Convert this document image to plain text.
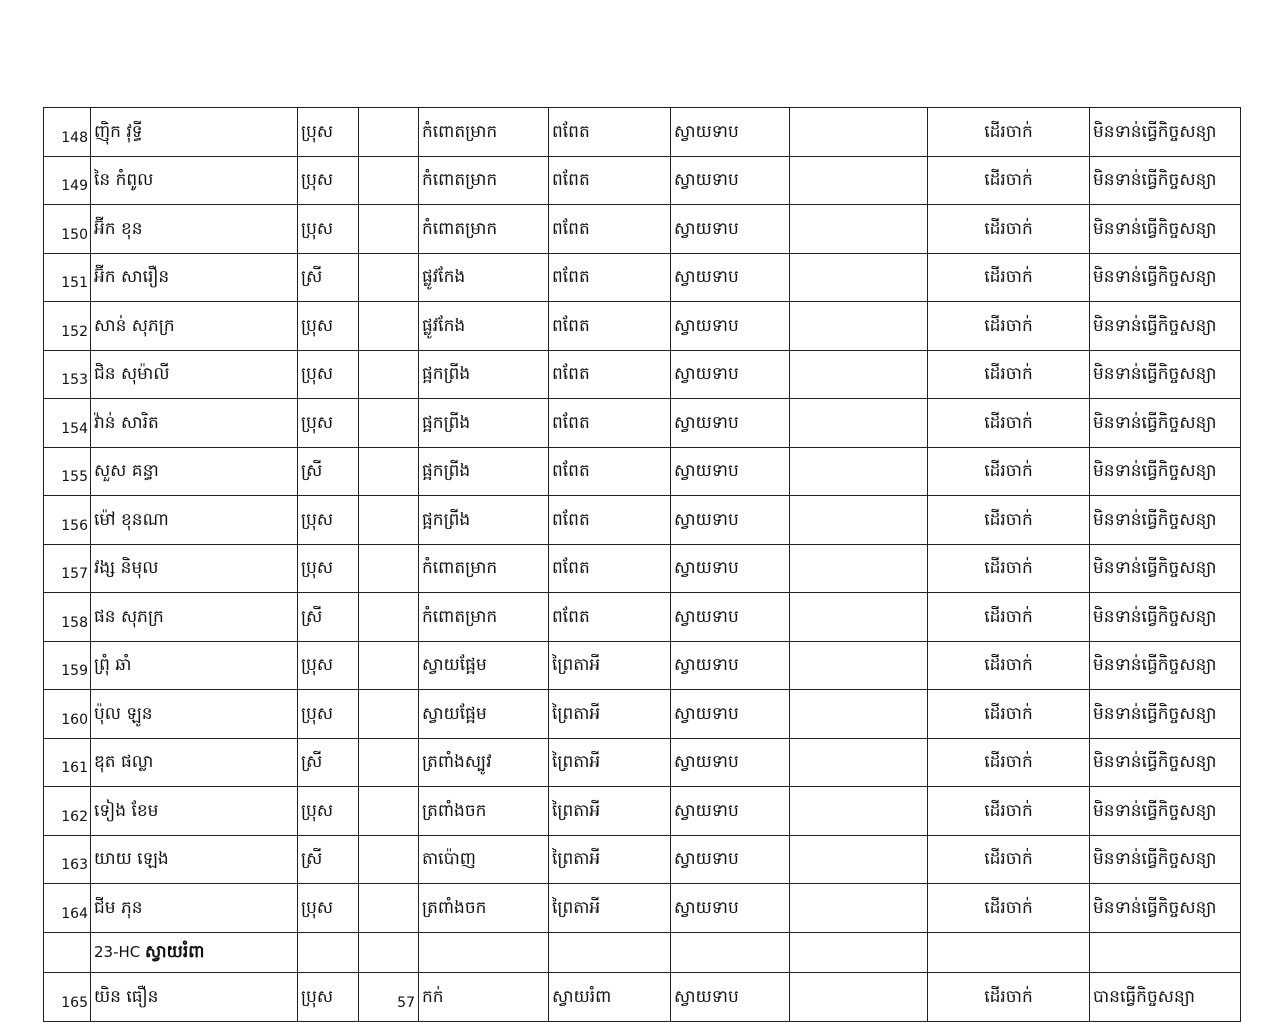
148	ញ៉ិក វុទ្ធី	ប្រុស		កំពោតម្រាក	ពពែត	ស្វាយទាប		ដើរចាក់	មិនទាន់ធ្វើកិច្ចសន្យា
149	នៃ កំពូល	ប្រុស		កំពោតម្រាក	ពពែត	ស្វាយទាប		ដើរចាក់	មិនទាន់ធ្វើកិច្ចសន្យា
150	អ៊ីក ខុន	ប្រុស		កំពោតម្រាក	ពពែត	ស្វាយទាប		ដើរចាក់	មិនទាន់ធ្វើកិច្ចសន្យា
151	អ៊ីក សារឿន	ស្រី		ផ្លូវកែង	ពពែត	ស្វាយទាប		ដើរចាក់	មិនទាន់ធ្វើកិច្ចសន្យា
152	សាន់ សុភក្រ	ប្រុស		ផ្លូវកែង	ពពែត	ស្វាយទាប		ដើរចាក់	មិនទាន់ធ្វើកិច្ចសន្យា
153	ជិន សុម៉ាលី	ប្រុស		ផ្អកព្រីង	ពពែត	ស្វាយទាប		ដើរចាក់	មិនទាន់ធ្វើកិច្ចសន្យា
154	វ៉ាន់ សារិត	ប្រុស		ផ្អកព្រីង	ពពែត	ស្វាយទាប		ដើរចាក់	មិនទាន់ធ្វើកិច្ចសន្យា
155	សួស គន្ធា	ស្រី		ផ្អកព្រីង	ពពែត	ស្វាយទាប		ដើរចាក់	មិនទាន់ធ្វើកិច្ចសន្យា
156	ម៉ៅ ខុនណា	ប្រុស		ផ្អកព្រីង	ពពែត	ស្វាយទាប		ដើរចាក់	មិនទាន់ធ្វើកិច្ចសន្យា
157	វង្ស និមុល	ប្រុស		កំពោតម្រាក	ពពែត	ស្វាយទាប		ដើរចាក់	មិនទាន់ធ្វើកិច្ចសន្យា
158	ផន សុភក្រ	ស្រី		កំពោតម្រាក	ពពែត	ស្វាយទាប		ដើរចាក់	មិនទាន់ធ្វើកិច្ចសន្យា
159	ព្រុំ ឆាំ	ប្រុស		ស្វាយផ្អែម	ព្រៃតាអី	ស្វាយទាប		ដើរចាក់	មិនទាន់ធ្វើកិច្ចសន្យា
160	ប៉ុល ឡូន	ប្រុស		ស្វាយផ្អែម	ព្រៃតាអី	ស្វាយទាប		ដើរចាក់	មិនទាន់ធ្វើកិច្ចសន្យា
161	ឌុត ផល្លា	ស្រី		ត្រពាំងស្បូវ	ព្រៃតាអី	ស្វាយទាប		ដើរចាក់	មិនទាន់ធ្វើកិច្ចសន្យា
162	ទៀង ខែម	ប្រុស		ត្រពាំងចក	ព្រៃតាអី	ស្វាយទាប		ដើរចាក់	មិនទាន់ធ្វើកិច្ចសន្យា
163	យាយ ឡេង	ស្រី		តាប៉ោញ	ព្រៃតាអី	ស្វាយទាប		ដើរចាក់	មិនទាន់ធ្វើកិច្ចសន្យា
164	ជីម ភុន	ប្រុស		ត្រពាំងចក	ព្រៃតាអី	ស្វាយទាប		ដើរចាក់	មិនទាន់ធ្វើកិច្ចសន្យា
	23-HC ស្វាយរំពា								
165	យិន ធឿន	ប្រុស	57	កក់	ស្វាយរំពា	ស្វាយទាប		ដើរចាក់	បានធ្វើកិច្ចសន្យា
